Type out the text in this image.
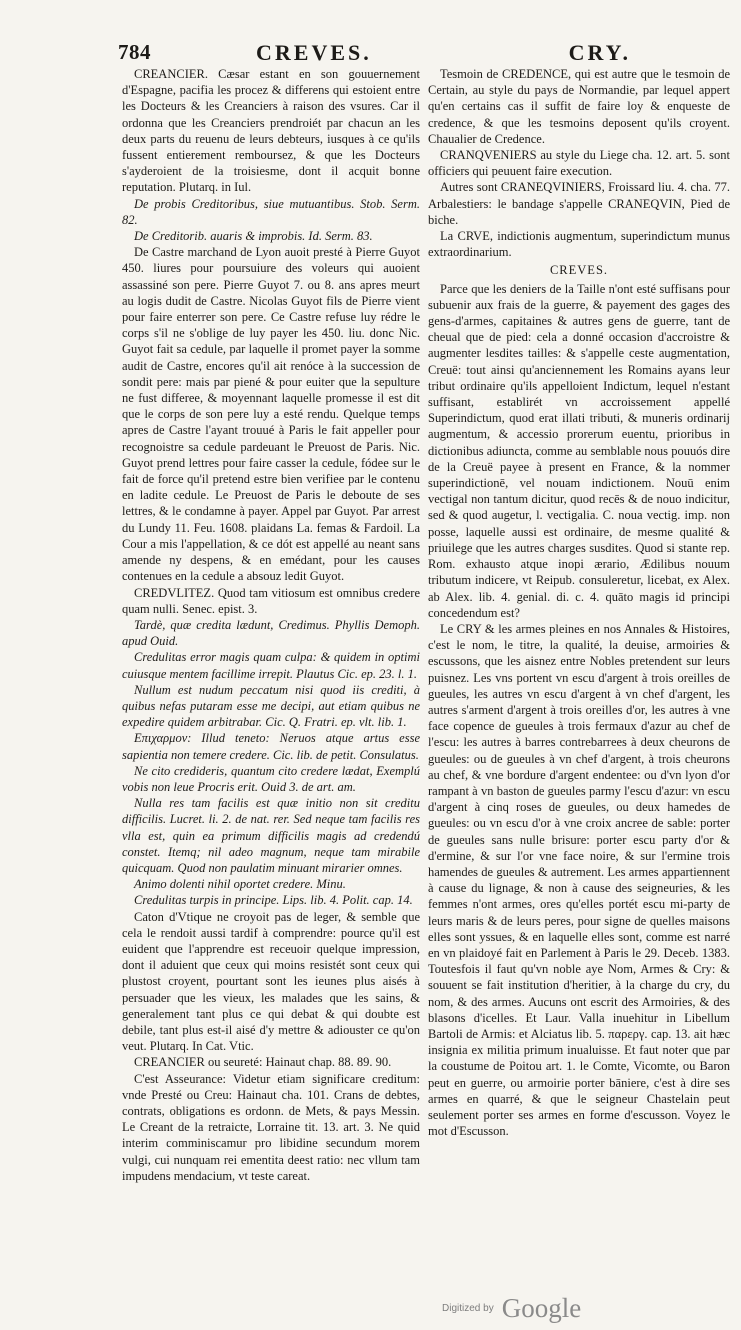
784	CREVES.	CRY.

CREANCIER. Cæsar estant en son gouuernement d'Espagne, pacifia les procez & differens qui estoient entre les Docteurs & les Creanciers à raison des vsures. Car il ordonna que les Creanciers prendroiét par chacun an les deux parts du reuenu de leurs debteurs, iusques à ce qu'ils fussent entierement remboursez, & que les Docteurs s'ayderoient de la troisiesme, dont il acquit bonne reputation. Plutarq. in Iul.

De probis Creditoribus, siue mutuantibus. Stob. Serm. 82.

De Creditorib. auaris & improbis. Id. Serm. 83.

De Castre marchand de Lyon auoit presté à Pierre Guyot 450. liures pour poursuiure des voleurs qui auoient assassiné son pere. Pierre Guyot 7. ou 8. ans apres meurt au logis dudit de Castre. Nicolas Guyot fils de Pierre vient pour faire enterrer son pere. Ce Castre refuse luy rédre le corps s'il ne s'oblige de luy payer les 450. liu. donc Nic. Guyot fait sa cedule, par laquelle il promet payer la somme audit de Castre, encores qu'il ait renóce à la succession de sondit pere: mais par piené & pour euiter que la sepulture ne fust differee, & moyennant laquelle promesse il est dit que le corps de son pere luy a esté rendu. Quelque temps apres de Castre l'ayant trouué à Paris le fait appeller pour recognoistre sa cedule pardeuant le Preuost de Paris. Nic. Guyot prend lettres pour faire casser la cedule, fódee sur le fait de force qu'il pretend estre bien verifiee par le contenu en ladite cedule. Le Preuost de Paris le deboute de ses lettres, & le condamne à payer. Appel par Guyot. Par arrest du Lundy 11. Feu. 1608. plaidans La. femas & Fardoil. La Cour a mis l'appellation, & ce dót est appellé au neant sans amende ny despens, & en emédant, pour les causes contenues en la cedule a absouz ledit Guyot.

CREDVLITEZ. Quod tam vitiosum est omnibus credere quam nulli. Senec. epist. 3.

Tardè, quæ credita lædunt, Credimus. Phyllis Demoph. apud Ouid.

Credulitas error magis quam culpa: & quidem in optimi cuiusque mentem facillime irrepit. Plautus Cic. ep. 23. l. 1.

Nullum est nudum peccatum nisi quod iis crediti, à quibus nefas putaram esse me decipi, aut etiam quibus ne expedire quidem arbitrabar. Cic. Q. Fratri. ep. vlt. lib. 1.

Επιχαρμον: Illud teneto: Neruos atque artus esse sapientia non temere credere. Cic. lib. de petit. Consulatus.

Ne cito credideris, quantum cito credere lædat, Exemplú vobis non leue Procris erit. Ouid 3. de art. am.

Nulla res tam facilis est quæ initio non sit creditu difficilis. Lucret. li. 2. de nat. rer. Sed neque tam facilis res vlla est, quin ea primum difficilis magis ad credendú constet. Itemq; nil adeo magnum, neque tam mirabile quicquam. Quod non paulatim minuant mirarier omnes.

Animo dolenti nihil oportet credere. Minu.

Credulitas turpis in principe. Lips. lib. 4. Polit. cap. 14.

Caton d'Vtique ne croyoit pas de leger, & semble que cela le rendoit aussi tardif à comprendre: pource qu'il est euident que l'apprendre est receuoir quelque impression, dont il aduient que ceux qui moins resistét sont ceux qui plustost croyent, pourtant sont les ieunes plus aisés à persuader que les vieux, les malades que les sains, & generalement tant plus ce qui debat & qui doubte est debile, tant plus est-il aisé d'y mettre & adiouster ce qu'on veut. Plutarq. In Cat. Vtic.

CREANCIER ou seureté: Hainaut chap. 88. 89. 90.

C'est Asseurance: Videtur etiam significare creditum: vnde Presté ou Creu: Hainaut cha. 101. Crans de debtes, contrats, obligations es ordonn. de Mets, & pays Messin. Le Creant de la retraicte, Lorraine tit. 13. art. 3. Ne quid interim comminiscamur pro libidine secundum morem vulgi, cui nunquam rei ementita deest ratio: nec vllum tam impudens mendacium, vt teste careat.

Tesmoin de CREDENCE, qui est autre que le tesmoin de Certain, au style du pays de Normandie, par lequel appert qu'en certains cas il suffit de faire loy & enqueste de credence, & que les tesmoins deposent qu'ils croyent. Chaualier de Credence.

CRANQVENIERS au style du Liege cha. 12. art. 5. sont officiers qui peuuent faire execution.

Autres sont CRANEQVINIERS, Froissard liu. 4. cha. 77. Arbalestiers: le bandage s'appelle CRANEQVIN, Pied de biche.

La CRVE, indictionis augmentum, superindictum munus extraordinarium.

CREVES.

Parce que les deniers de la Taille n'ont esté suffisans pour subuenir aux frais de la guerre, & payement des gages des gens-d'armes, capitaines & autres gens de guerre, tant de cheual que de pied: cela a donné occasion d'accroistre & augmenter lesdites tailles: & s'appelle ceste augmentation, Creuë: tout ainsi qu'anciennement les Romains ayans leur tribut ordinaire qu'ils appelloient Indictum, lequel n'estant suffisant, establirét vn accroissement appellé Superindictum, quod erat illati tributi, & muneris ordinarij augmentum, & accessio prorerum euentu, prioribus in dictionibus adiuncta, comme au semblable nous pouuós dire de la Creuë payee à present en France, & la nommer superindictionē, vel nouam indictionem. Nouū enim vectigal non tantum dicitur, quod recēs & de nouo indicitur, sed & quod augetur, l. vectigalia. C. noua vectig. imp. non posse, laquelle aussi est ordinaire, de mesme qualité & priuilege que les autres charges susdites. Quod si stante rep. Rom. exhausto atque inopi ærario, Ædilibus nouum tributum indicere, vt Reipub. consuleretur, licebat, ex Alex. ab Alex. lib. 4. genial. di. c. 4. quāto magis id principi concedendum est?

Le CRY & les armes pleines en nos Annales & Histoires, c'est le nom, le titre, la qualité, la deuise, armoiries & escussons, que les aisnez entre Nobles pretendent sur leurs puisnez. Les vns portent vn escu d'argent à trois oreilles de gueules, les autres vn escu d'argent à vn chef d'argent, les autres s'arment d'argent à trois oreilles d'or, les autres à vne face copence de gueules à trois fermaux d'azur au chef de l'escu: les autres à barres contrebarrees à deux cheurons de gueules: ou de gueules à vn chef d'argent, à trois cheurons au chef, & vne bordure d'argent endentee: ou d'vn lyon d'or rampant à vn baston de gueules parmy l'escu d'azur: vn escu d'argent à cinq roses de gueules, ou deux hamedes de gueules: ou vn escu d'or à vne croix ancree de sable: porter de gueules sans nulle brisure: porter escu party d'or & d'ermine, & sur l'or vne face noire, & sur l'ermine trois hamendes de gueules & autrement. Les armes appartiennent à cause du lignage, & non à cause des seigneuries, & les femmes n'ont armes, ores qu'elles portét escu mi-party de leurs maris & de leurs peres, pour signe de quelles maisons elles sont yssues, & en laquelle elles sont, comme est narré en vn plaidoyé fait en Parlement à Paris le 29. Deceb. 1383. Toutesfois il faut qu'vn noble aye Nom, Armes & Cry: & souuent se fait institution d'heritier, à la charge du cry, du nom, & des armes. Aucuns ont escrit des Armoiries, & des blasons d'icelles. Et Laur. Valla inuehitur in Libellum Bartoli de Armis: et Alciatus lib. 5. παρεργ. cap. 13. ait hæc insignia ex militia primum inualuisse. Et faut noter que par la coustume de Poitou art. 1. le Comte, Vicomte, ou Baron peut en guerre, ou armoirie porter bāniere, c'est à dire ses armes en quarré, & que le seigneur Chastelain peut seulement porter ses armes en forme d'escusson. Voyez le mot d'Escusson.

Digitized by Google
